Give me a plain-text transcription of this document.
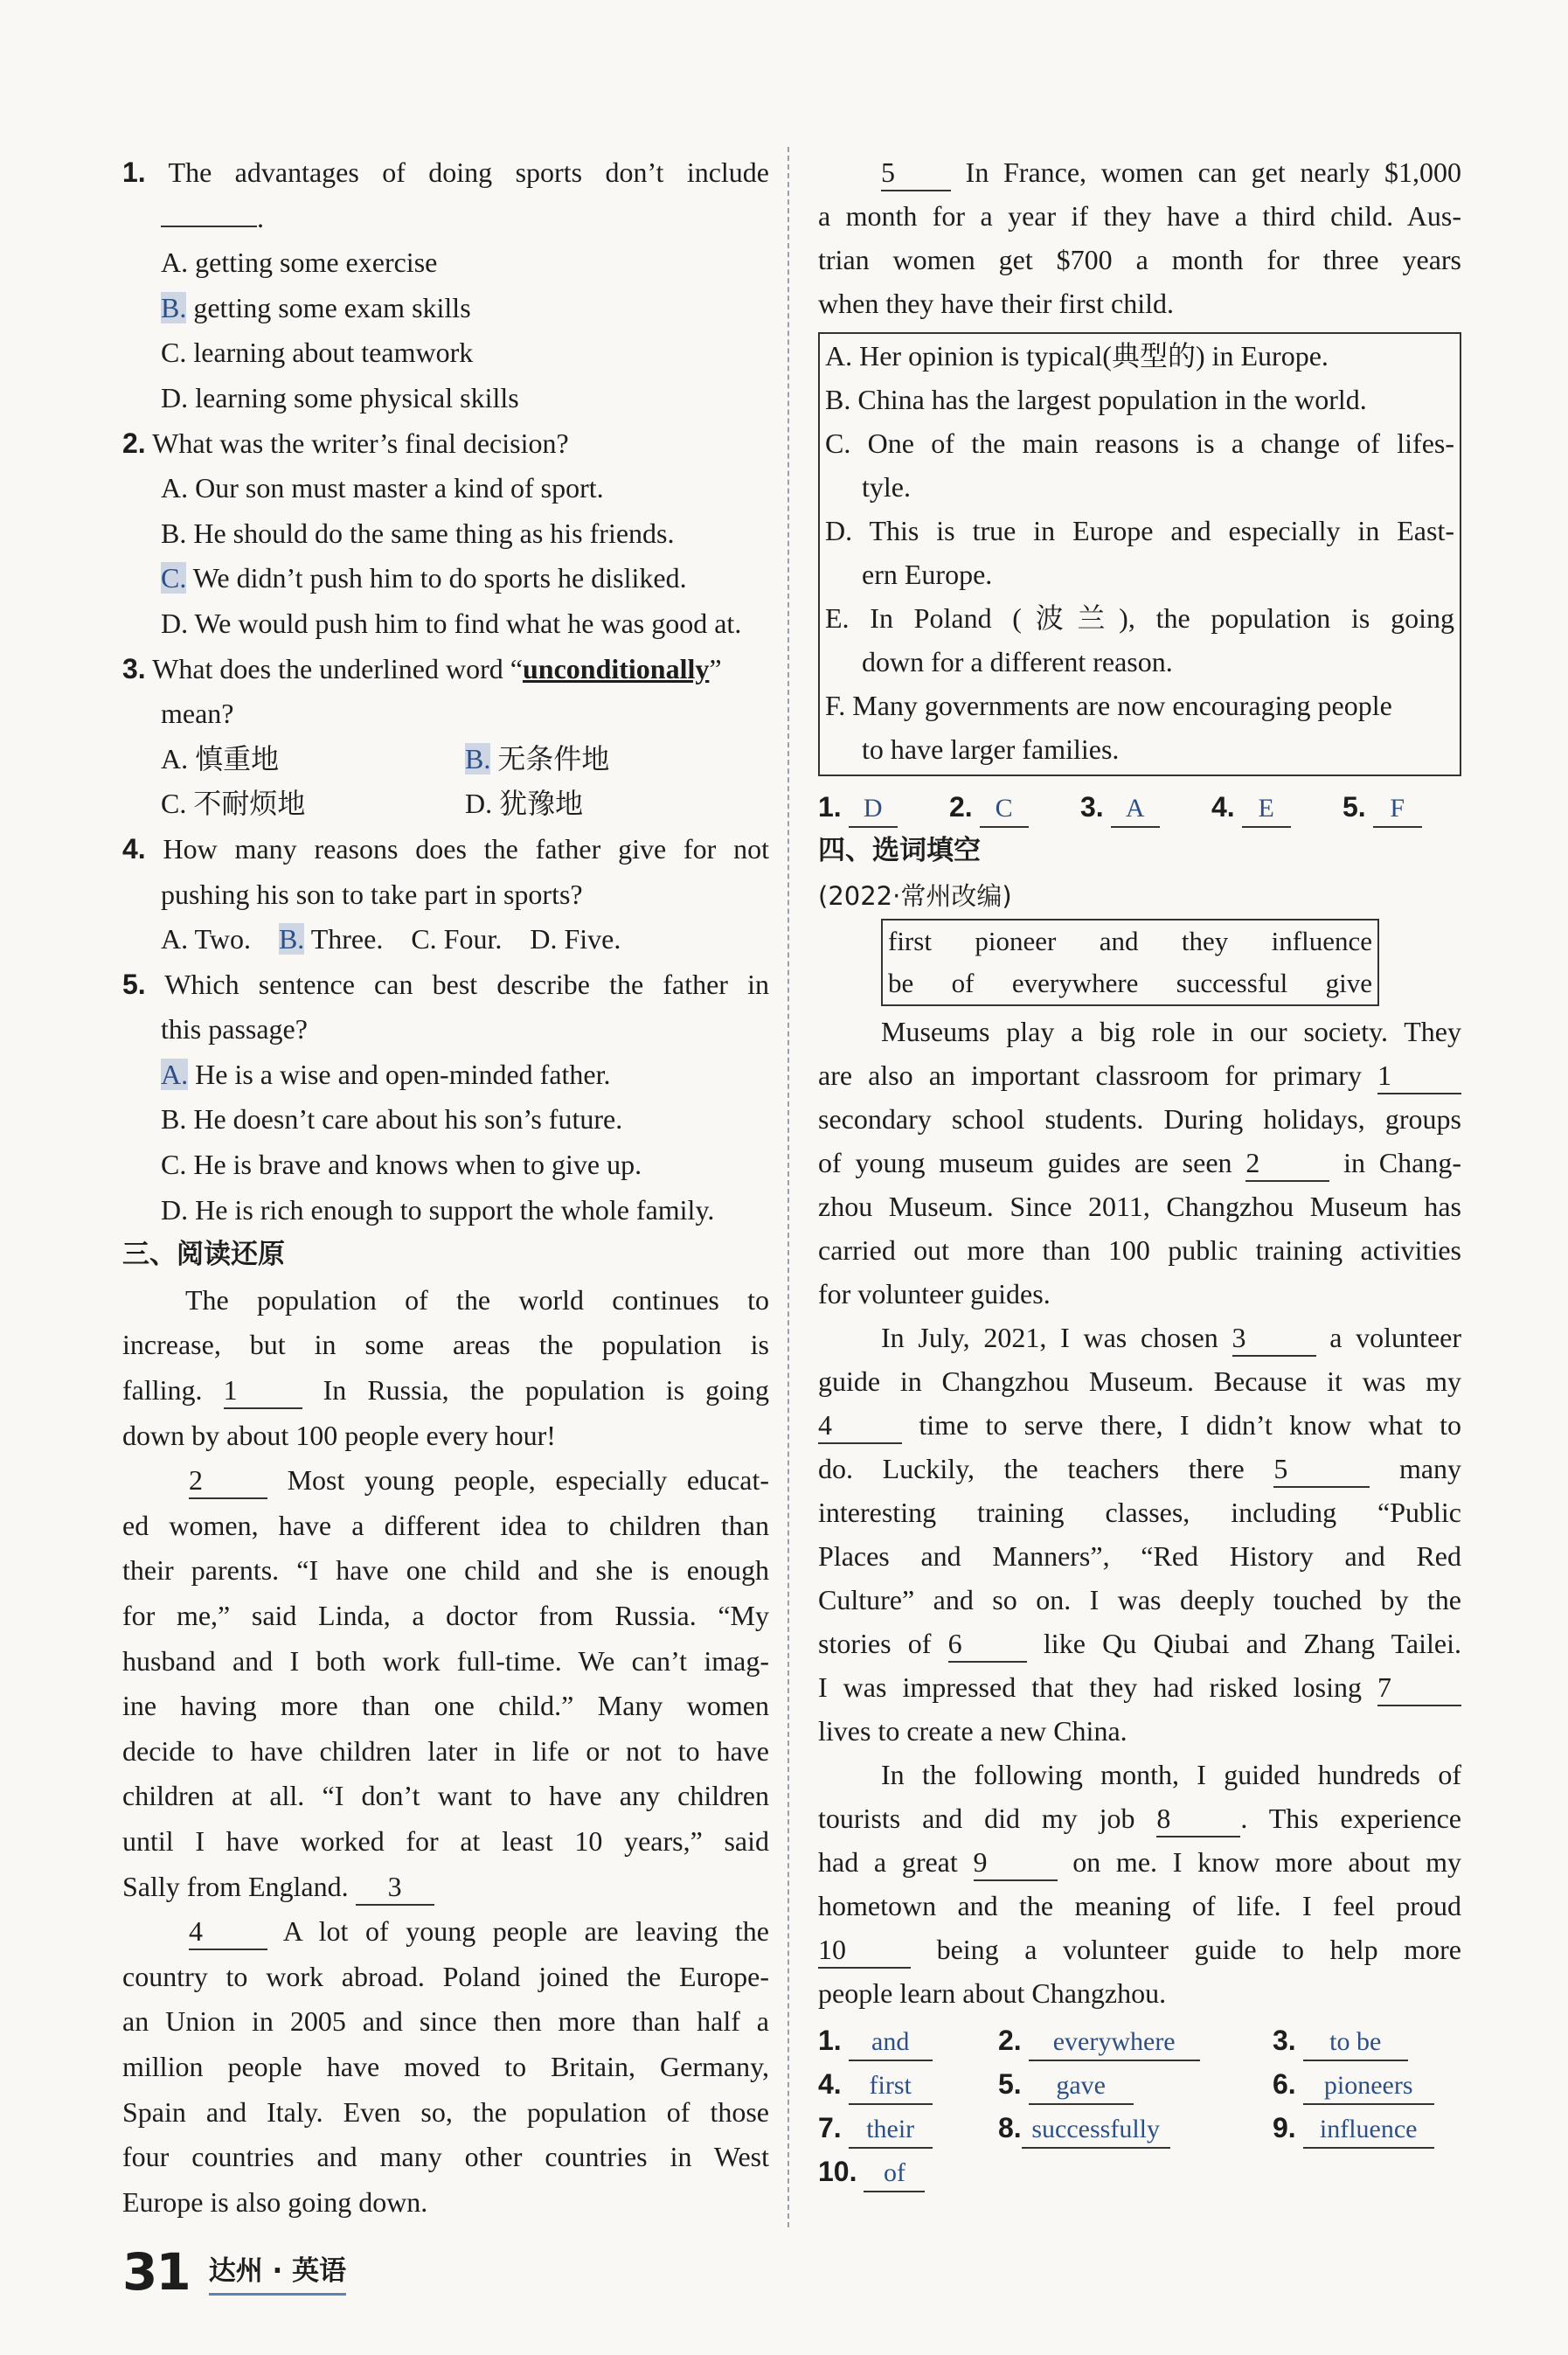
1. The advantages of doing sports don’t include
.
A. getting some exercise
B. getting some exam skills
C. learning about teamwork
D. learning some physical skills
2. What was the writer’s final decision?
A. Our son must master a kind of sport.
B. He should do the same thing as his friends.
C. We didn’t push him to do sports he disliked.
D. We would push him to find what he was good at.
3. What does the underlined word “unconditionally”
mean?
A. 慎重地	B. 无条件地
C. 不耐烦地	D. 犹豫地
4. How many reasons does the father give for not
pushing his son to take part in sports?
A. Two. B. Three. C. Four. D. Five.
5. Which sentence can best describe the father in
this passage?
A. He is a wise and open-minded father.
B. He doesn’t care about his son’s future.
C. He is brave and knows when to give up.
D. He is rich enough to support the whole family.
三、阅读还原
The population of the world continues to
increase, but in some areas the population is
falling. 1	In Russia, the population is going
down by about 100 people every hour!
2	Most young people, especially educat-
ed women, have a different idea to children than
their parents. “I have one child and she is enough
for me,” said Linda, a doctor from Russia. “My
husband and I both work full-time. We can’t imag-
ine having more than one child.” Many women
decide to have children later in life or not to have
children at all. “I don’t want to have any children
until I have worked for at least 10 years,” said
Sally from England. 3
4	A lot of young people are leaving the
country to work abroad. Poland joined the Europe-
an Union in 2005 and since then more than half a
million people have moved to Britain, Germany,
Spain and Italy. Even so, the population of those
four countries and many other countries in West
Europe is also going down.
5	In France, women can get nearly $1,000
a month for a year if they have a third child. Aus-
trian women get $700 a month for three years
when they have their first child.
A. Her opinion is typical(典型的) in Europe.
B. China has the largest population in the world.
C. One of the main reasons is a change of lifes-
tyle.
D. This is true in Europe and especially in East-
ern Europe.
E. In Poland (波兰), the population is going
down for a different reason.
F. Many governments are now encouraging people
to have larger families.
1. D	2. C	3. A	4. E	5. F
四、选词填空
(2022·常州改编)
first pioneer and they influence
be of everywhere successful give
Museums play a big role in our society. They
are also an important classroom for primary 1
secondary school students. During holidays, groups
of young museum guides are seen 2	in Chang-
zhou Museum. Since 2011, Changzhou Museum has
carried out more than 100 public training activities
for volunteer guides.
In July, 2021, I was chosen 3	a volunteer
guide in Changzhou Museum. Because it was my
4	time to serve there, I didn’t know what to
do. Luckily, the teachers there 5	many
interesting training classes, including “Public
Places and Manners”, “Red History and Red
Culture” and so on. I was deeply touched by the
stories of 6	like Qu Qiubai and Zhang Tailei.
I was impressed that they had risked losing 7
lives to create a new China.
In the following month, I guided hundreds of
tourists and did my job 8	. This experience
had a great 9	on me. I know more about my
hometown and the meaning of life. I feel proud
10	being a volunteer guide to help more
people learn about Changzhou.
1. and	2. everywhere	3. to be
4. first	5. gave	6. pioneers
7. their	8. successfully	9. influence
10. of
31 达州 · 英语
